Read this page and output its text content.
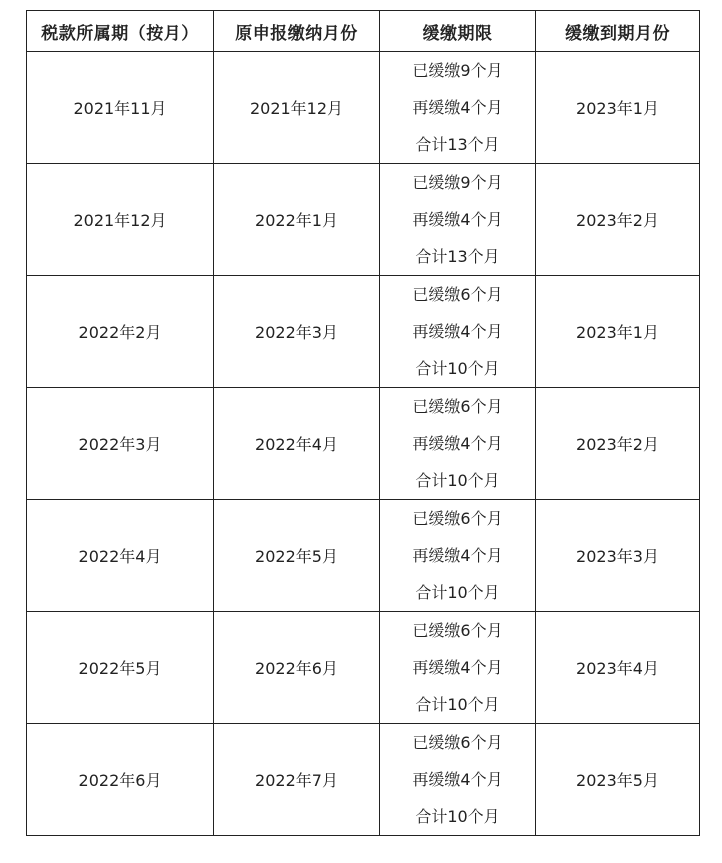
税款所属期（按月）	原申报缴纳月份	缓缴期限	缓缴到期月份
2021年11月	2021年12月	已缓缴9个月
再缓缴4个月
合计13个月	2023年1月
2021年12月	2022年1月	已缓缴9个月
再缓缴4个月
合计13个月	2023年2月
2022年2月	2022年3月	已缓缴6个月
再缓缴4个月
合计10个月	2023年1月
2022年3月	2022年4月	已缓缴6个月
再缓缴4个月
合计10个月	2023年2月
2022年4月	2022年5月	已缓缴6个月
再缓缴4个月
合计10个月	2023年3月
2022年5月	2022年6月	已缓缴6个月
再缓缴4个月
合计10个月	2023年4月
2022年6月	2022年7月	已缓缴6个月
再缓缴4个月
合计10个月	2023年5月
